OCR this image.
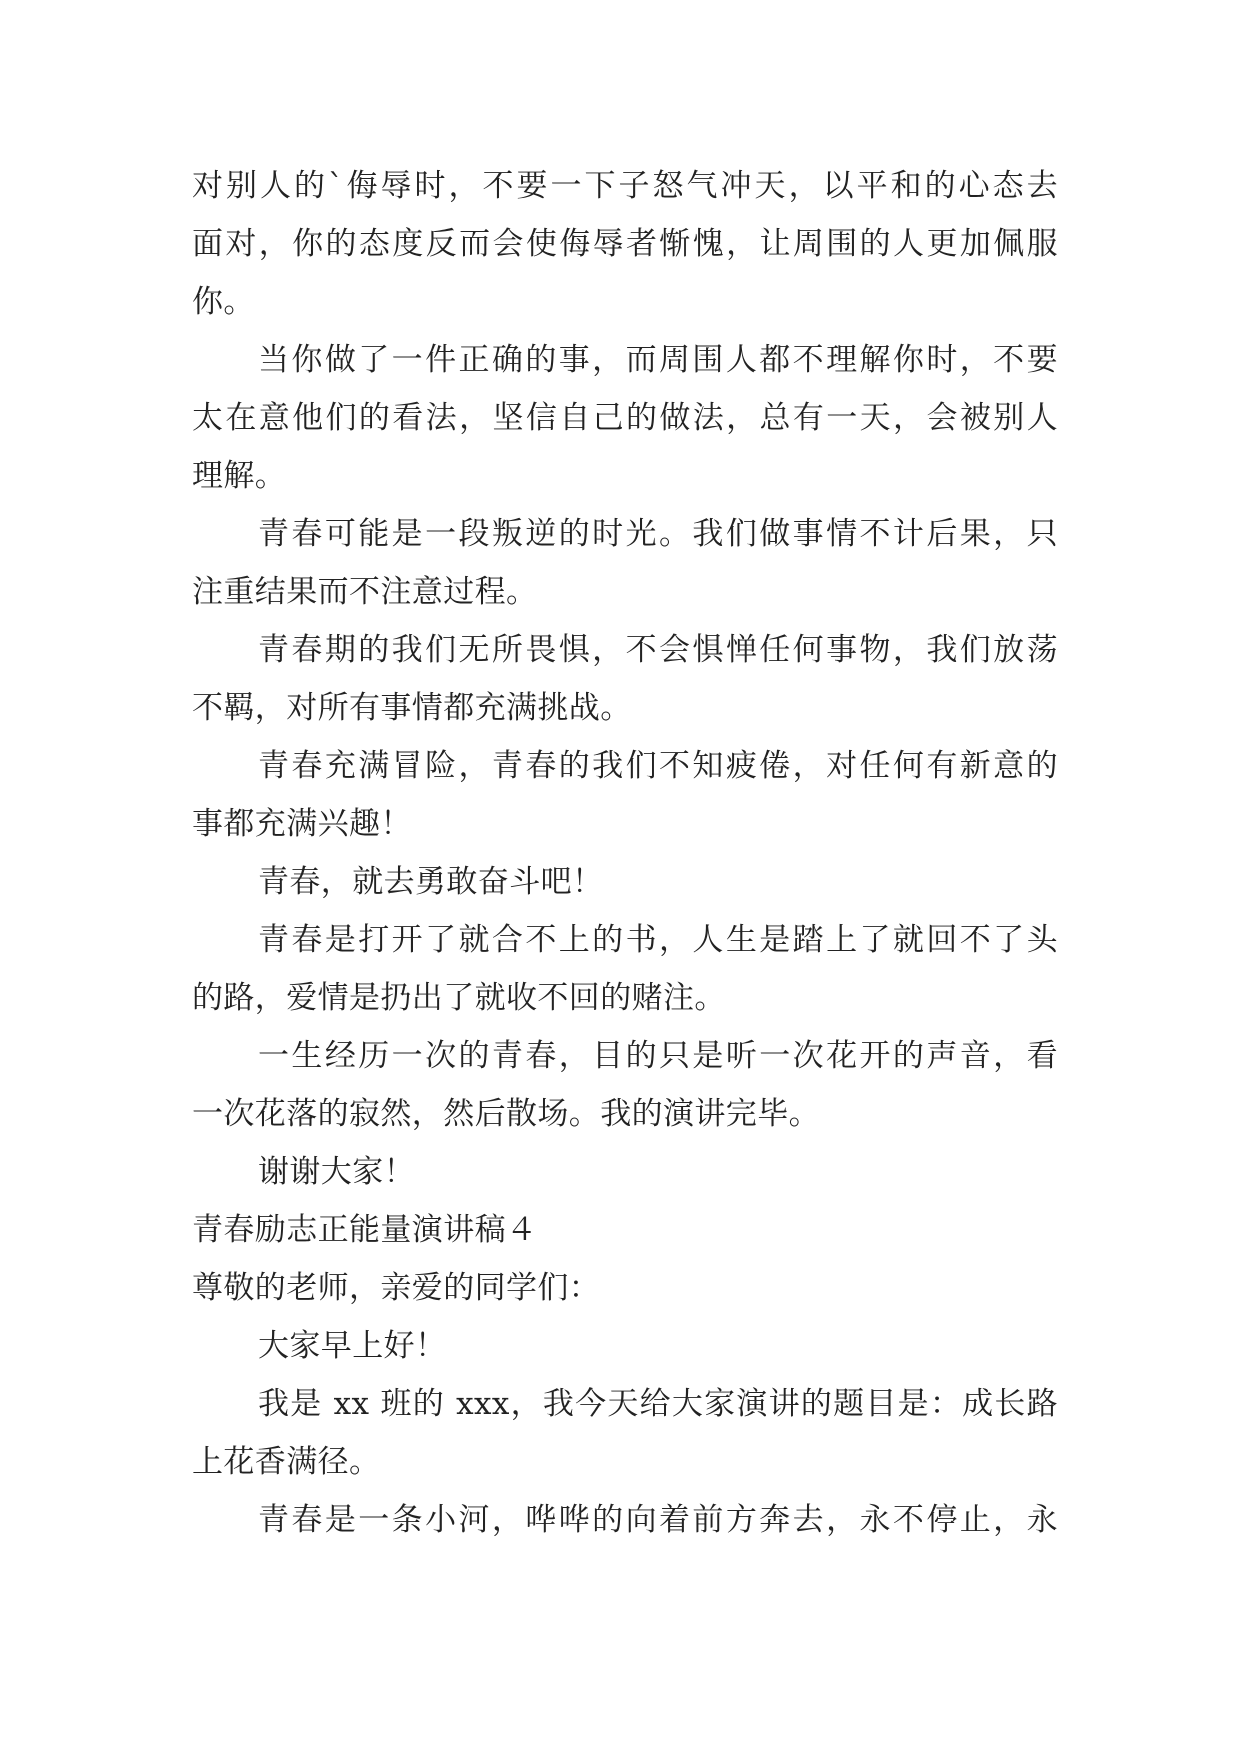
对别人的`侮辱时，不要一下子怒气冲天，以平和的心态去
面对，你的态度反而会使侮辱者惭愧，让周围的人更加佩服
你。
当你做了一件正确的事，而周围人都不理解你时，不要
太在意他们的看法，坚信自己的做法，总有一天，会被别人
理解。
青春可能是一段叛逆的时光。我们做事情不计后果，只
注重结果而不注意过程。
青春期的我们无所畏惧，不会惧惮任何事物，我们放荡
不羁，对所有事情都充满挑战。
青春充满冒险，青春的我们不知疲倦，对任何有新意的
事都充满兴趣！
青春，就去勇敢奋斗吧！
青春是打开了就合不上的书，人生是踏上了就回不了头
的路，爱情是扔出了就收不回的赌注。
一生经历一次的青春，目的只是听一次花开的声音，看
一次花落的寂然，然后散场。我的演讲完毕。
谢谢大家！
青春励志正能量演讲稿４
尊敬的老师，亲爱的同学们：
大家早上好！
我是 xx 班的 xxx，我今天给大家演讲的题目是：成长路
上花香满径。
青春是一条小河，哗哗的向着前方奔去，永不停止，永
